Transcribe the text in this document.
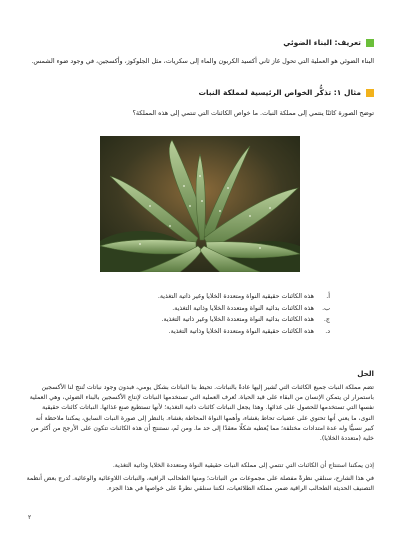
تعريف: البناء الضوئي

البناء الضوئي هو العملية التي تحول غاز ثاني أكسيد الكربون والماء إلى سكريات، مثل الجلوكوز، وأكسجين، في وجود ضوء الشمس.

مثال ١: تذكُّر الخواص الرئيسية لمملكة النبات

توضح الصورة كائنًا ينتمي إلى مملكة النبات. ما خواص الكائنات التي تنتمي إلى هذه المملكة؟

أ.
هذه الكائنات حقيقية النواة ومتعددة الخلايا وغير ذاتية التغذية.
ب.
هذه الكائنات بدائية النواة ومتعددة الخلايا وذاتية التغذية.
ج.
هذه الكائنات بدائية النواة ومتعددة الخلايا وغير ذاتية التغذية.
د.
هذه الكائنات حقيقية النواة ومتعددة الخلايا وذاتية التغذية.
الحل

تضم مملكة النبات جميع الكائنات التي تُشير إليها عادةً بالنباتات. تحيط بنا النباتات بشكل يومي، فبدون وجود نباتات تُنتج لنا الأكسجين باستمرار لن يتمكن الإنسان من البقاء على قيد الحياة. تُعرف العملية التي تستخدمها النباتات لإنتاج الأكسجين بالبناء الضوئي، وهي العملية نفسها التي تستخدمها للحصول على غذائها. وهذا يجعل النباتات كائنات ذاتية التغذية؛ لأنها تستطيع صنع غذائها. النباتات كائنات حقيقية النوى، ما يعني أنها تحتوي على عضيات تحاط بغشاء، وأهمها النواة المحاطة بغشاء. بالنظر إلى صورة النبات السابق، يمكننا ملاحظة أنه كبير نسبيًّا وله عدة امتدادات مختلفة؛ مما يُعطيه شكلًا معقدًا إلى حد ما. ومن ثَم، نستنتج أن هذه الكائنات تتكون على الأرجح من أكثر من خلية (متعددة الخلايا).

إذن يمكننا استنتاج أن الكائنات التي تنتمي إلى مملكة النبات حقيقية النواة ومتعددة الخلايا وذاتية التغذية.

في هذا الشارح، سنلقي نظرةً مفصلة على مجموعات من النباتات؛ ومنها الطحالب الراقية، والنباتات اللاوعائية والوعائية. تُدرج بعض أنظمة التصنيف الحديثة الطحالب الراقية ضمن مملكة الطلائعيات، لكننا سنلقي نظرةً على خواصها في هذا الجزء.

٢
